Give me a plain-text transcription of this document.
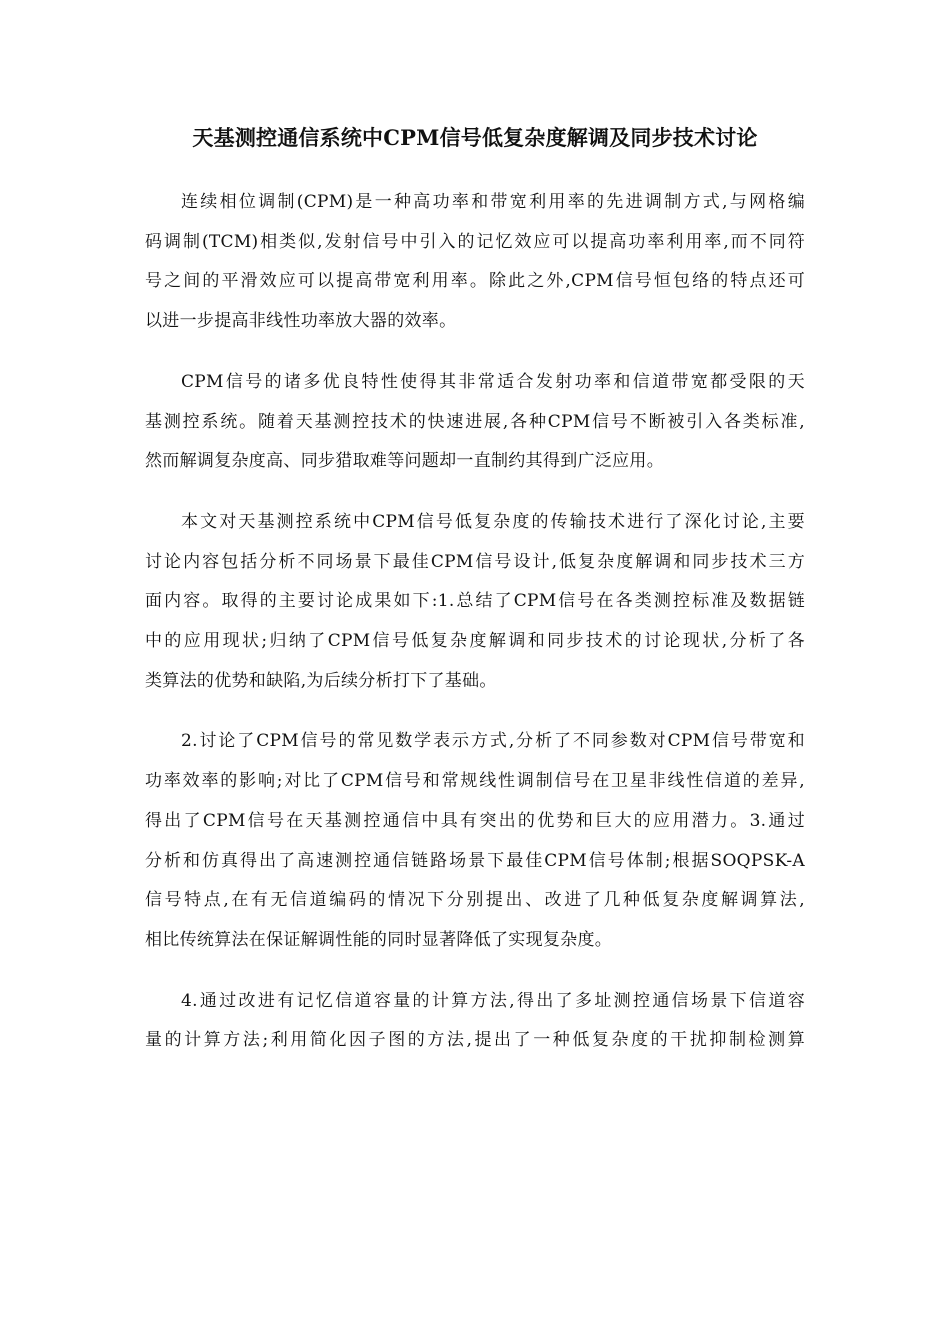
天基测控通信系统中CPM信号低复杂度解调及同步技术讨论

连续相位调制(CPM)是一种高功率和带宽利用率的先进调制方式,与网格编
码调制(TCM)相类似,发射信号中引入的记忆效应可以提高功率利用率,而不同符
号之间的平滑效应可以提高带宽利用率。除此之外,CPM信号恒包络的特点还可
以进一步提高非线性功率放大器的效率。

CPM信号的诸多优良特性使得其非常适合发射功率和信道带宽都受限的天
基测控系统。随着天基测控技术的快速进展,各种CPM信号不断被引入各类标准,
然而解调复杂度高、同步猎取难等问题却一直制约其得到广泛应用。

本文对天基测控系统中CPM信号低复杂度的传输技术进行了深化讨论,主要
讨论内容包括分析不同场景下最佳CPM信号设计,低复杂度解调和同步技术三方
面内容。取得的主要讨论成果如下:1.总结了CPM信号在各类测控标准及数据链
中的应用现状;归纳了CPM信号低复杂度解调和同步技术的讨论现状,分析了各
类算法的优势和缺陷,为后续分析打下了基础。

2.讨论了CPM信号的常见数学表示方式,分析了不同参数对CPM信号带宽和
功率效率的影响;对比了CPM信号和常规线性调制信号在卫星非线性信道的差异,
得出了CPM信号在天基测控通信中具有突出的优势和巨大的应用潜力。3.通过
分析和仿真得出了高速测控通信链路场景下最佳CPM信号体制;根据SOQPSK-A
信号特点,在有无信道编码的情况下分别提出、改进了几种低复杂度解调算法,
相比传统算法在保证解调性能的同时显著降低了实现复杂度。

4.通过改进有记忆信道容量的计算方法,得出了多址测控通信场景下信道容
量的计算方法;利用简化因子图的方法,提出了一种低复杂度的干扰抑制检测算
